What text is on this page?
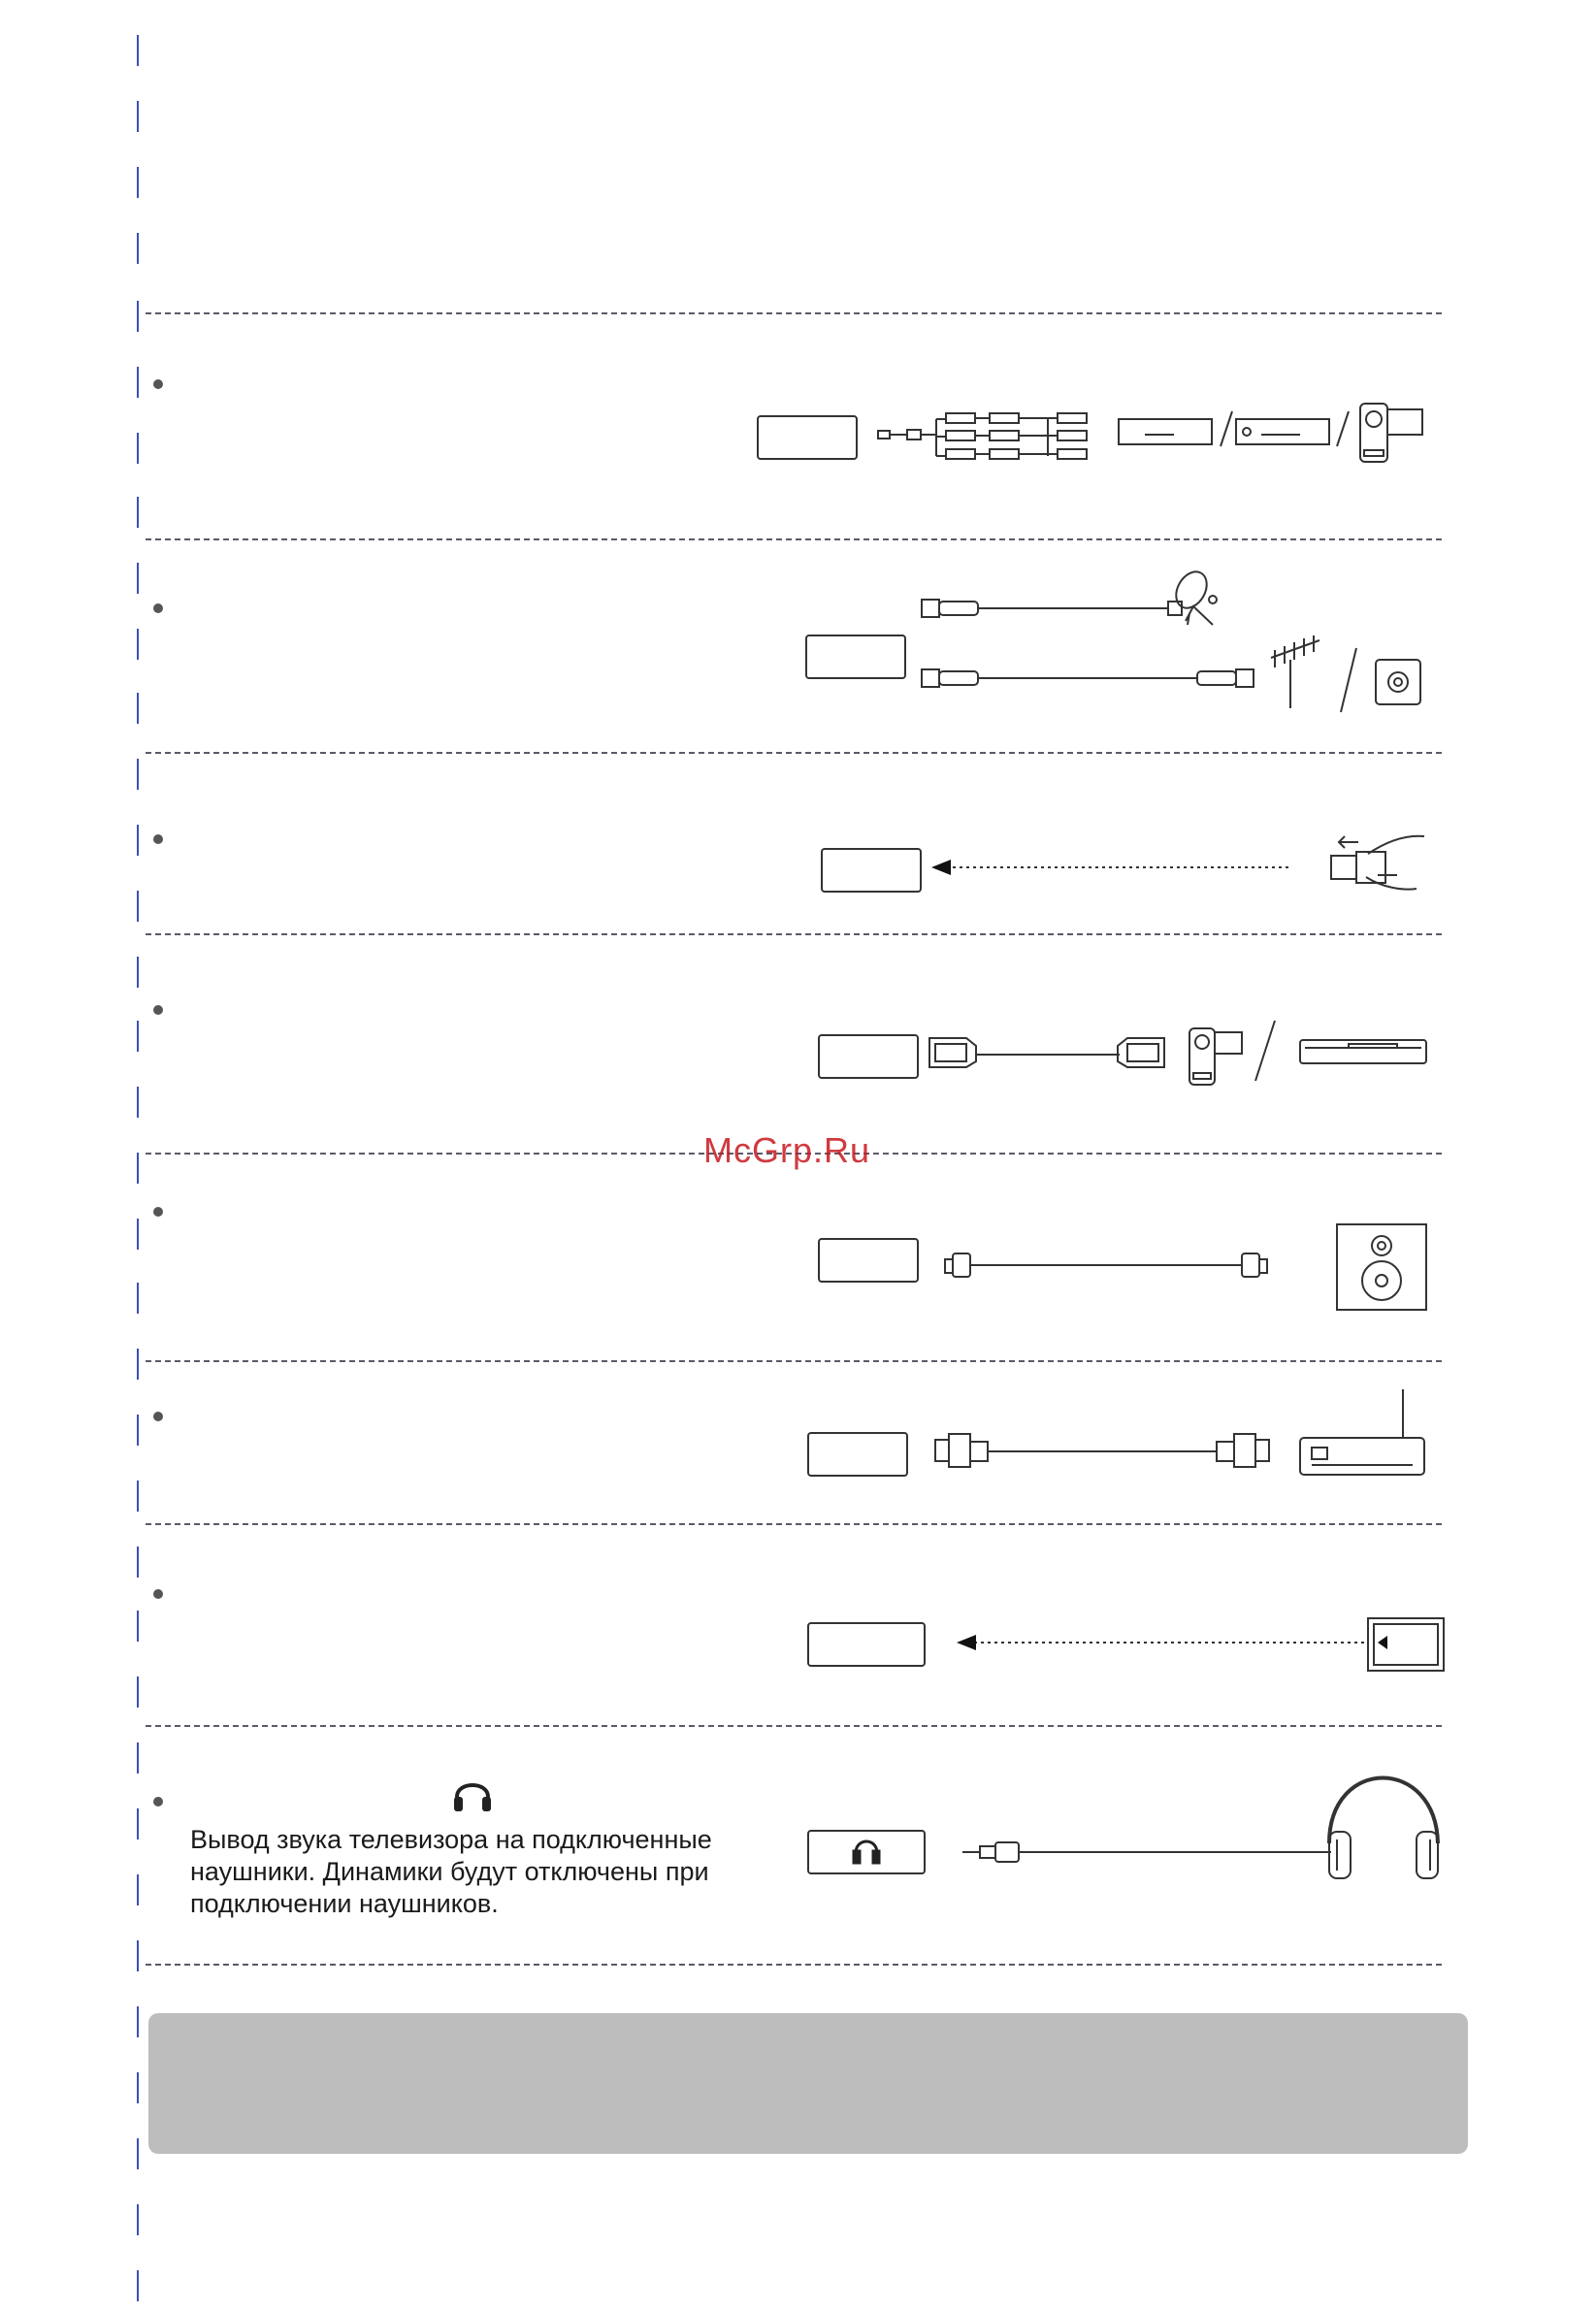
Вывод звука телевизора на подключенные
наушники. Динамики будут отключены при
подключении наушников.
McGrp.Ru
